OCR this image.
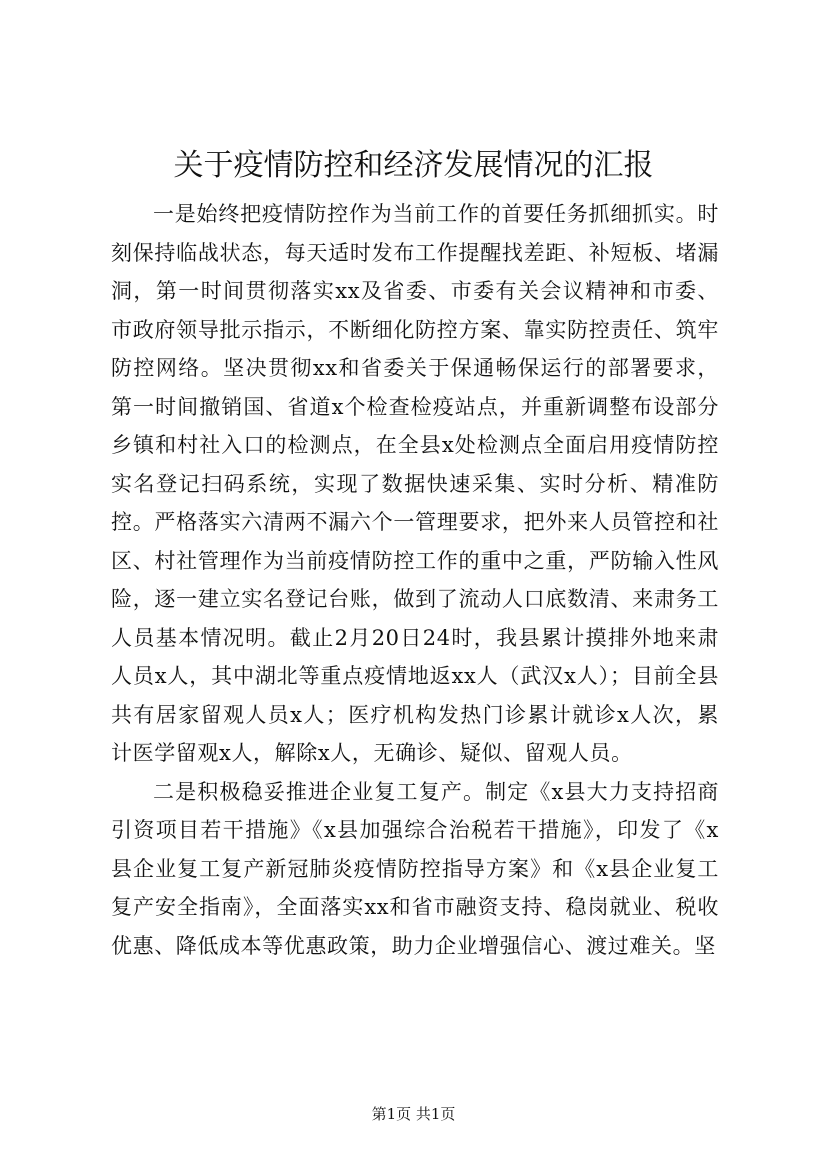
关于疫情防控和经济发展情况的汇报

一是始终把疫情防控作为当前工作的首要任务抓细抓实。时刻保持临战状态，每天适时发布工作提醒找差距、补短板、堵漏洞，第一时间贯彻落实xx及省委、市委有关会议精神和市委、市政府领导批示指示，不断细化防控方案、靠实防控责任、筑牢防控网络。坚决贯彻xx和省委关于保通畅保运行的部署要求，第一时间撤销国、省道x个检查检疫站点，并重新调整布设部分乡镇和村社入口的检测点，在全县x处检测点全面启用疫情防控实名登记扫码系统，实现了数据快速采集、实时分析、精准防控。严格落实六清两不漏六个一管理要求，把外来人员管控和社区、村社管理作为当前疫情防控工作的重中之重，严防输入性风险，逐一建立实名登记台账，做到了流动人口底数清、来肃务工人员基本情况明。截止2月20日24时，我县累计摸排外地来肃人员x人，其中湖北等重点疫情地返xx人（武汉x人）；目前全县共有居家留观人员x人；医疗机构发热门诊累计就诊x人次，累计医学留观x人，解除x人，无确诊、疑似、留观人员。

二是积极稳妥推进企业复工复产。制定《x县大力支持招商引资项目若干措施》《x县加强综合治税若干措施》，印发了《x县企业复工复产新冠肺炎疫情防控指导方案》和《x县企业复工复产安全指南》，全面落实xx和省市融资支持、稳岗就业、税收优惠、降低成本等优惠政策，助力企业增强信心、渡过难关。坚

第1页 共1页
